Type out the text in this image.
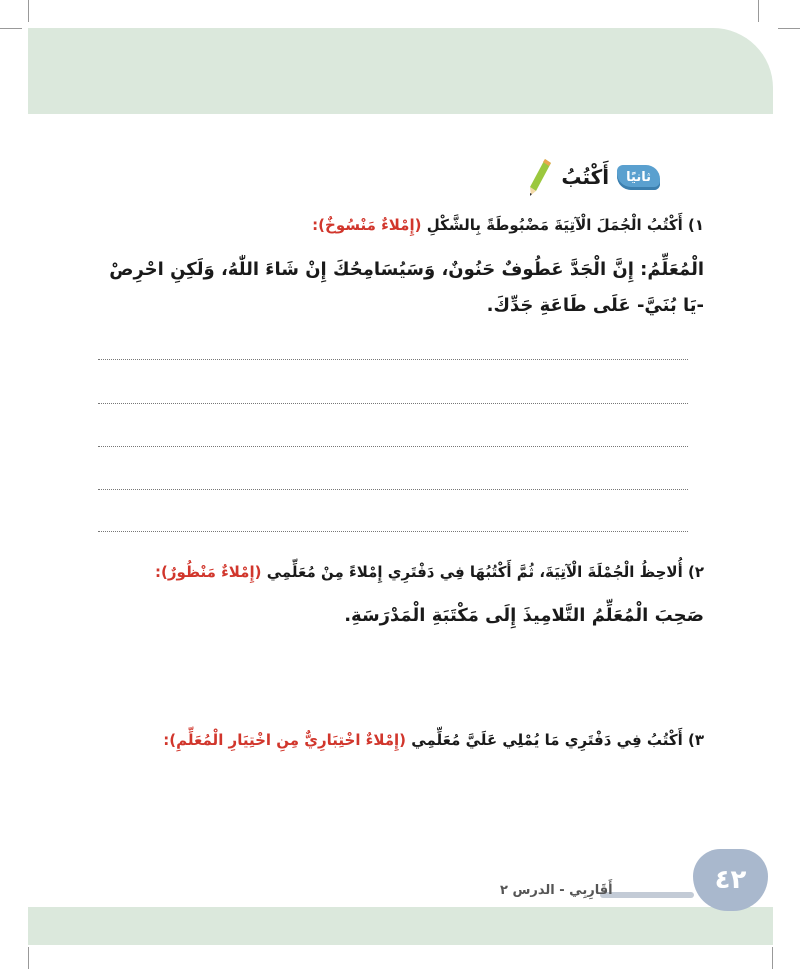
ثانيًا
أَكْتُبُ
١) أَكْتُبُ الْجُمَلَ الْآتِيَةَ مَضْبُوطَةً بِالشَّكْلِ (إِمْلاءٌ مَنْسُوخٌ):
الْمُعَلِّمُ: إِنَّ الْجَدَّ عَطُوفٌ حَنُونٌ، وَسَيُسَامِحُكَ إِنْ شَاءَ اللّٰهُ، وَلَكِنِ احْرِصْ
-يَا بُنَيَّ- عَلَى طَاعَةِ جَدِّكَ.
٢) أُلاحِظُ الْجُمْلَةَ الْآتِيَةَ، ثُمَّ أَكْتُبُهَا فِي دَفْتَرِي إِمْلاءً مِنْ مُعَلِّمِي (إِمْلاءٌ مَنْظُورٌ):
صَحِبَ الْمُعَلِّمُ التَّلامِيذَ إِلَى مَكْتَبَةِ الْمَدْرَسَةِ.
٣) أَكْتُبُ فِي دَفْتَرِي مَا يُمْلِي عَلَيَّ مُعَلِّمِي (إِمْلاءٌ اخْتِبَارِيٌّ مِنِ اخْتِيَارِ الْمُعَلِّمِ):
أَقَارِبِي - الدرس ٢	٤٢
